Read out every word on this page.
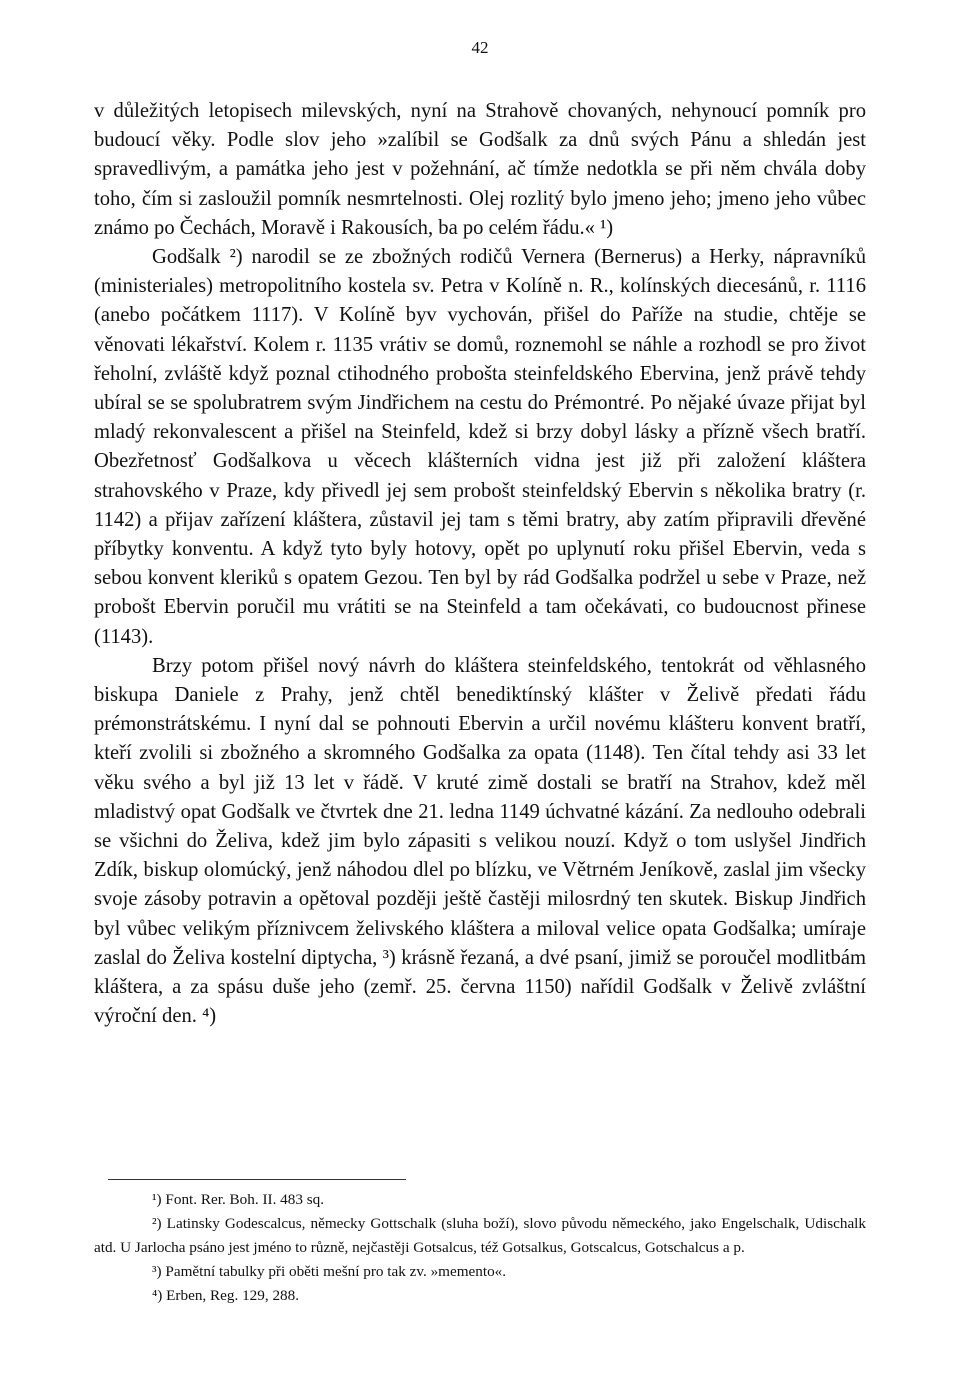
42

v důležitých letopisech milevských, nyní na Strahově chovaných, nehynoucí pomník pro budoucí věky. Podle slov jeho »zalíbil se Godšalk za dnů svých Pánu a shledán jest spravedlivým, a památka jeho jest v požehnání, ač tímže nedotkla se při něm chvála doby toho, čím si zasloužil pomník nesmrtelnosti. Olej rozlitý bylo jmeno jeho; jmeno jeho vůbec známo po Čechách, Moravě i Rakousích, ba po celém řádu.« ¹)

Godšalk ²) narodil se ze zbožných rodičů Vernera (Bernerus) a Herky, nápravníků (ministeriales) metropolitního kostela sv. Petra v Kolíně n. R., kolínských diecesánů, r. 1116 (anebo počátkem 1117). V Kolíně byv vychován, přišel do Paříže na studie, chtěje se věnovati lékařství. Kolem r. 1135 vrátiv se domů, roznemohl se náhle a rozhodl se pro život řeholní, zvláště když poznal ctihodného probošta steinfeldského Ebervina, jenž právě tehdy ubíral se se spolubratrem svým Jindřichem na cestu do Prémontré. Po nějaké úvaze přijat byl mladý rekonvalescent a přišel na Steinfeld, kdež si brzy dobyl lásky a přízně všech bratří. Obezřetnosť Godšalkova u věcech klášterních vidna jest již při založení kláštera strahovského v Praze, kdy přivedl jej sem probošt steinfeldský Ebervin s několika bratry (r. 1142) a přijav zařízení kláštera, zůstavil jej tam s těmi bratry, aby zatím připravili dřevěné příbytky konventu. A když tyto byly hotovy, opět po uplynutí roku přišel Ebervin, veda s sebou konvent kleriků s opatem Gezou. Ten byl by rád Godšalka podržel u sebe v Praze, než probošt Ebervin poručil mu vrátiti se na Steinfeld a tam očekávati, co budoucnost přinese (1143).

Brzy potom přišel nový návrh do kláštera steinfeldského, tentokrát od věhlasného biskupa Daniele z Prahy, jenž chtěl benediktínský klášter v Želivě předati řádu prémonstrátskému. I nyní dal se pohnouti Ebervin a určil novému klášteru konvent bratří, kteří zvolili si zbožného a skromného Godšalka za opata (1148). Ten čítal tehdy asi 33 let věku svého a byl již 13 let v řádě. V kruté zimě dostali se bratří na Strahov, kdež měl mladistvý opat Godšalk ve čtvrtek dne 21. ledna 1149 úchvatné kázání. Za nedlouho odebrali se všichni do Želiva, kdež jim bylo zápasiti s velikou nouzí. Když o tom uslyšel Jindřich Zdík, biskup olomúcký, jenž náhodou dlel po blízku, ve Větrném Jeníkově, zaslal jim všecky svoje zásoby potravin a opětoval později ještě častěji milosrdný ten skutek. Biskup Jindřich byl vůbec velikým příznivcem želivského kláštera a miloval velice opata Godšalka; umíraje zaslal do Želiva kostelní diptycha, ³) krásně řezaná, a dvé psaní, jimiž se poroučel modlitbám kláštera, a za spásu duše jeho (zemř. 25. června 1150) nařídil Godšalk v Želivě zvláštní výroční den. ⁴)

¹) Font. Rer. Boh. II. 483 sq.

²) Latinsky Godescalcus, německy Gottschalk (sluha boží), slovo původu německého, jako Engelschalk, Udischalk atd. U Jarlocha psáno jest jméno to různě, nejčastěji Gotsalcus, též Gotsalkus, Gotscalcus, Gotschalcus a p.

³) Pamětní tabulky při oběti mešní pro tak zv. »memento«.

⁴) Erben, Reg. 129, 288.
